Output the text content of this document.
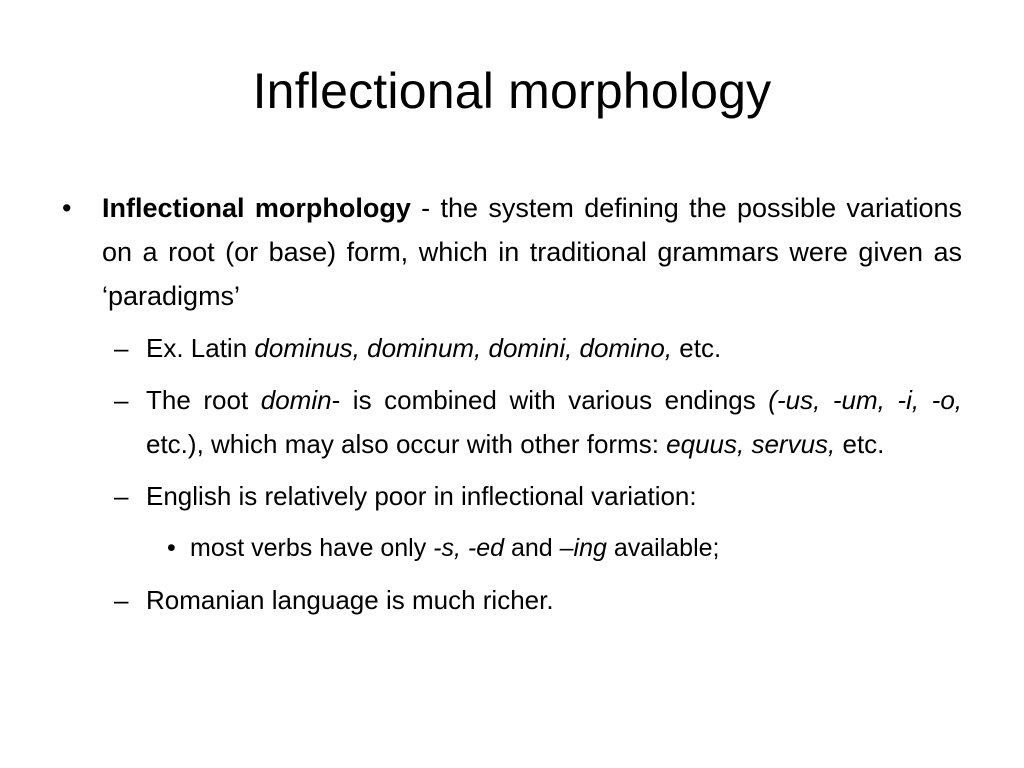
Inflectional morphology

• Inflectional morphology - the system defining the possible variations on a root (or base) form, which in traditional grammars were given as ‘paradigms’

– Ex. Latin dominus, dominum, domini, domino, etc.

– The root domin- is combined with various endings (-us, -um, -i, -o, etc.), which may also occur with other forms: equus, servus, etc.

– English is relatively poor in inflectional variation:

• most verbs have only -s, -ed and –ing available;

– Romanian language is much richer.
